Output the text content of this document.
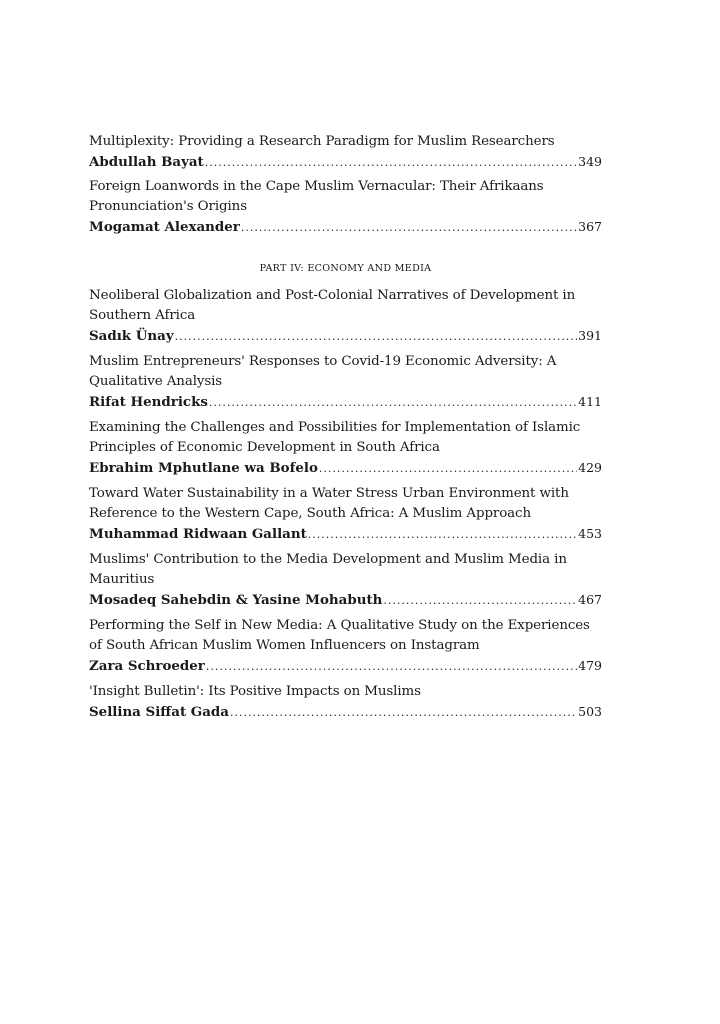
Multiplexity: Providing a Research Paradigm for Muslim Researchers
Abdullah Bayat .....	349
Foreign Loanwords in the Cape Muslim Vernacular: Their Afrikaans
Pronunciation's Origins
Mogamat Alexander .....	367
PART IV: ECONOMY AND MEDIA
Neoliberal Globalization and Post-Colonial Narratives of Development in
Southern Africa
Sadık Ünay .....	391
Muslim Entrepreneurs' Responses to Covid-19 Economic Adversity: A
Qualitative Analysis
Rifat Hendricks .....	411
Examining the Challenges and Possibilities for Implementation of Islamic
Principles of Economic Development in South Africa
Ebrahim Mphutlane wa Bofelo .....	429
Toward Water Sustainability in a Water Stress Urban Environment with
Reference to the Western Cape, South Africa: A Muslim Approach
Muhammad Ridwaan Gallant .....	453
Muslims' Contribution to the Media Development and Muslim Media in
Mauritius
Mosadeq Sahebdin & Yasine Mohabuth .....	467
Performing the Self in New Media: A Qualitative Study on the Experiences
of South African Muslim Women Influencers on Instagram
Zara Schroeder .....	479
'Insight Bulletin': Its Positive Impacts on Muslims
Sellina Siffat Gada .....	503
